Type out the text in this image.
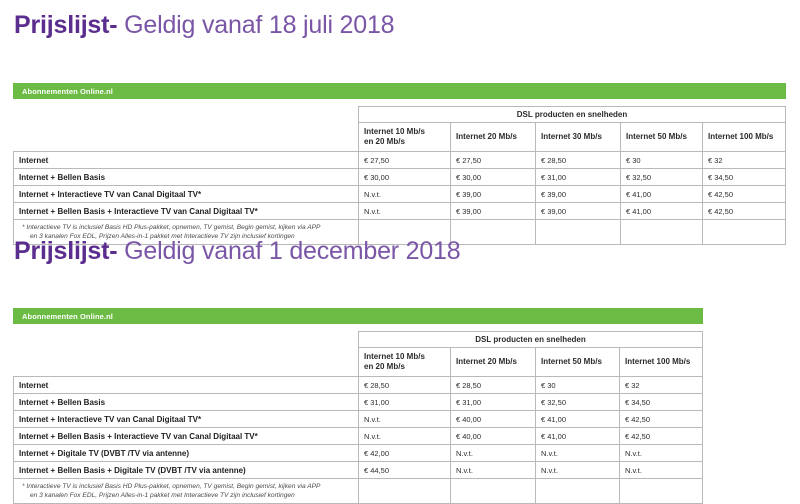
Prijslijst- Geldig vanaf 18 juli 2018
Abonnementen Online.nl					

	DSL producten en snelheden				
	Internet 10 Mb/s
en 20 Mb/s	Internet 20 Mb/s	Internet 30 Mb/s	Internet 50 Mb/s	Internet 100 Mb/s
Internet	€ 27,50	€ 27,50	€ 28,50	€ 30	€ 32
Internet + Bellen Basis	€ 30,00	€ 30,00	€ 31,00	€ 32,50	€ 34,50
Internet + Interactieve TV van Canal Digitaal TV*	N.v.t.	€ 39,00	€ 39,00	€ 41,00	€ 42,50
Internet + Bellen Basis + Interactieve TV van Canal Digitaal TV*	N.v.t.	€ 39,00	€ 39,00	€ 41,00	€ 42,50
* Interactieve TV is inclusief Basis HD Plus-pakket, opnemen, TV gemist, Begin gemist, kijken via APP
en 3 kanalen Fox EDL, Prijzen Alles-in-1 pakket met Interactieve TV zijn inclusief kortingen					

Prijslijst- Geldig vanaf 1 december 2018
Abonnementen Online.nl				

	DSL producten en snelheden			
	Internet 10 Mb/s
en 20 Mb/s	Internet 20 Mb/s	Internet 50 Mb/s	Internet 100 Mb/s
Internet	€ 28,50	€ 28,50	€ 30	€ 32
Internet + Bellen Basis	€ 31,00	€ 31,00	€ 32,50	€ 34,50
Internet + Interactieve TV van Canal Digitaal TV*	N.v.t.	€ 40,00	€ 41,00	€ 42,50
Internet + Bellen Basis + Interactieve TV van Canal Digitaal TV*	N.v.t.	€ 40,00	€ 41,00	€ 42,50
Internet + Digitale TV (DVBT /TV via antenne)	€ 42,00	N.v.t.	N.v.t.	N.v.t.
Internet + Bellen Basis + Digitale TV (DVBT /TV via antenne)	€ 44,50	N.v.t.	N.v.t.	N.v.t.
* Interactieve TV is inclusief Basis HD Plus-pakket, opnemen, TV gemist, Begin gemist, kijken via APP
en 3 kanalen Fox EDL, Prijzen Alles-in-1 pakket met Interactieve TV zijn inclusief kortingen				
